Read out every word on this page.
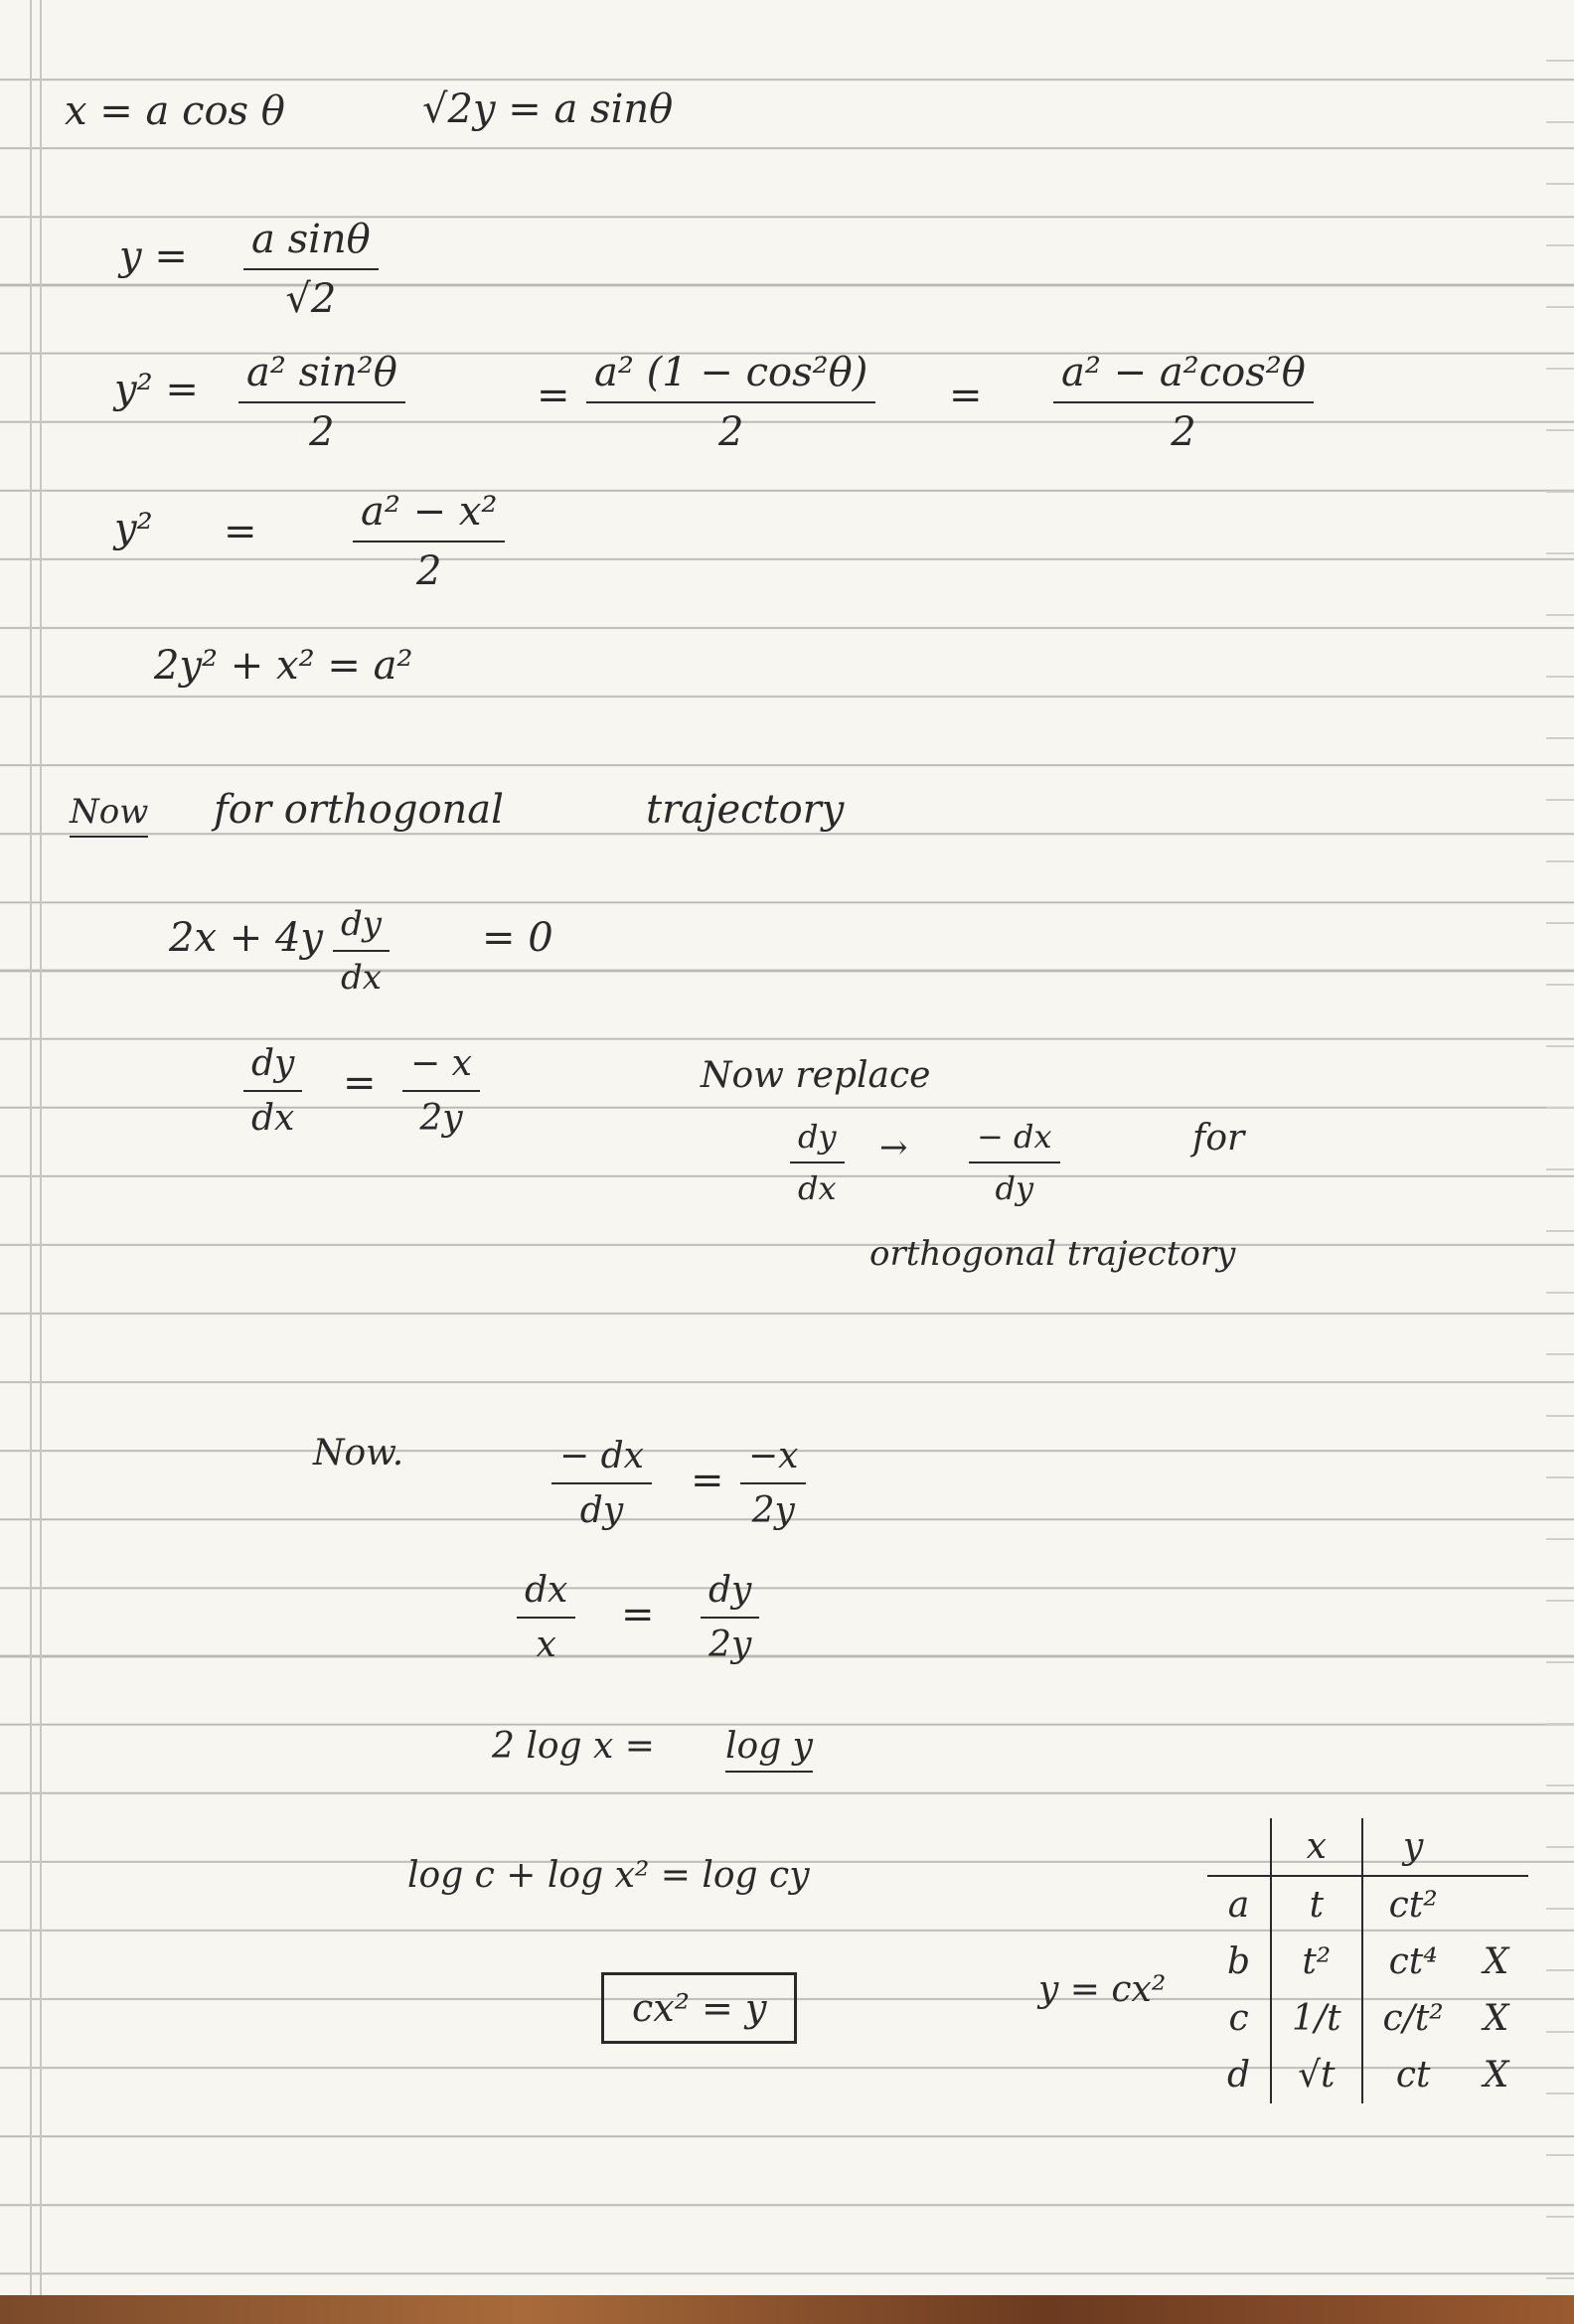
x = a cos θ	√2y = a sinθ
$y = \frac{\text{a sinθ}}{√2}$
$y^2 = \frac{\text{a² sin²θ}}{2}$	= $\frac{\text{a² (1 − cos²θ)}}{2} = \frac{\text{a² − a²cos²θ}}{2}$
$y^2 = \frac{\text{a² − x²}}{2}$
2y² + x² = a²
Now for orthogonal	trajectory
$2x + 4y \frac{dy}{dx} = 0$
$\frac{dy}{dx} = \frac{- x}{2y}$	Now replace
$\frac{dy}{dx} \to \frac{- dx}{dy}$	for
orthogonal trajectory
Now.	$\frac{- dx}{dy} = \frac{-x}{2y}$
$\frac{dx}{x} = \frac{dy}{2y}$
2 log x = log y
log c + log x² = log cy
cx² = y	y = cx²
	x	y	
a	t	ct²	
b	t²	ct⁴	X
c	1/t	c/t²	X
d	√t	ct	X
